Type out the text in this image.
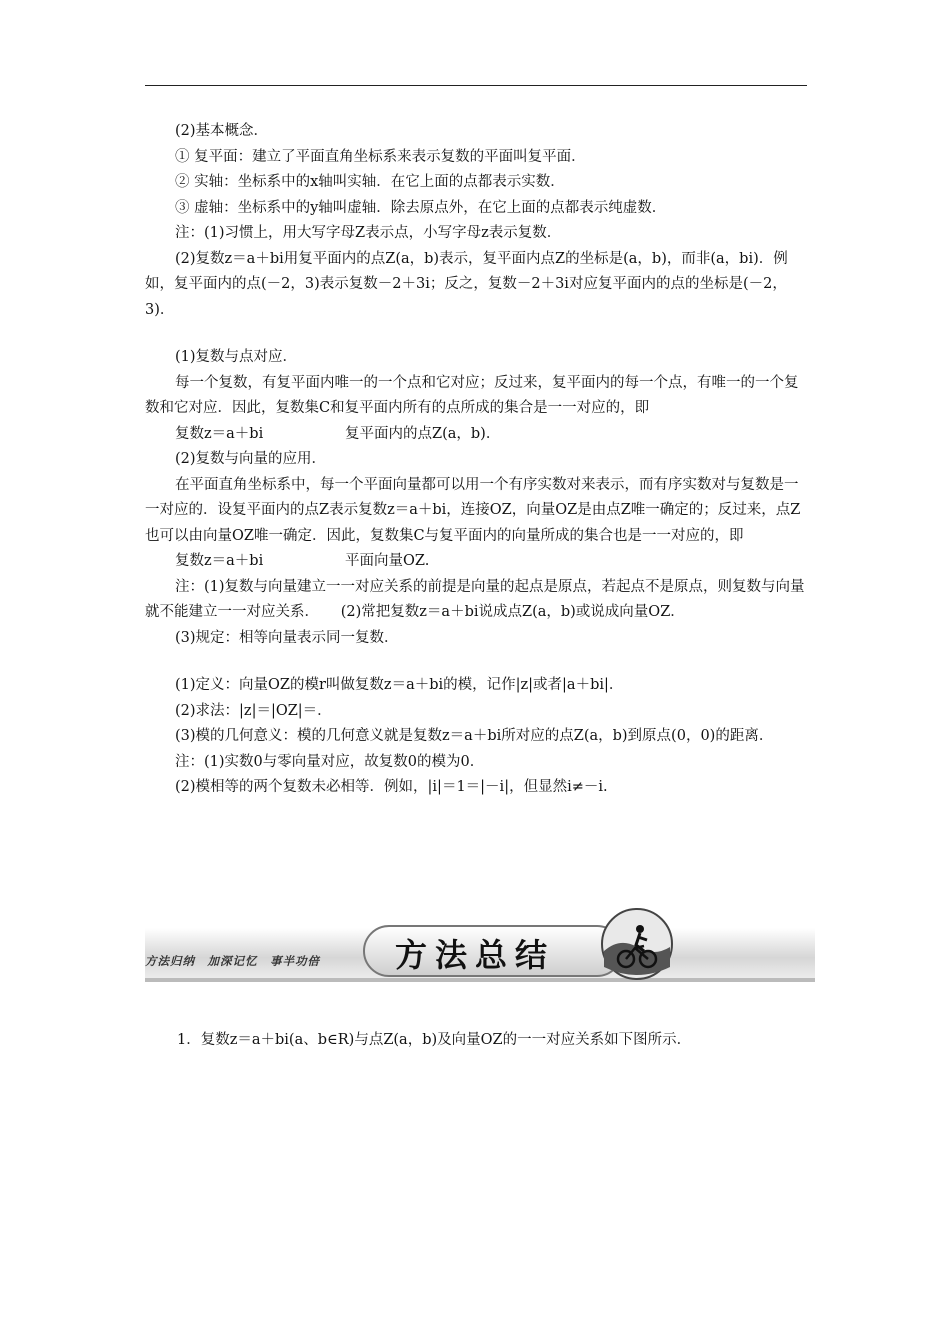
(2)基本概念．

① 复平面：建立了平面直角坐标系来表示复数的平面叫复平面．

② 实轴：坐标系中的x轴叫实轴．在它上面的点都表示实数．

③ 虚轴：坐标系中的y轴叫虚轴．除去原点外，在它上面的点都表示纯虚数．

注：(1)习惯上，用大写字母Z表示点，小写字母z表示复数．

(2)复数z＝a＋bi用复平面内的点Z(a，b)表示，复平面内点Z的坐标是(a，b)，而非(a，bi)．例如，复平面内的点(－2，3)表示复数－2＋3i；反之，复数－2＋3i对应复平面内的点的坐标是(－2，3)．

(1)复数与点对应．

每一个复数，有复平面内唯一的一个点和它对应；反过来，复平面内的每一个点，有唯一的一个复数和它对应．因此，复数集C和复平面内所有的点所成的集合是一一对应的，即

复数z＝a＋bi	复平面内的点Z(a，b)．

(2)复数与向量的应用．

在平面直角坐标系中，每一个平面向量都可以用一个有序实数对来表示，而有序实数对与复数是一一对应的．设复平面内的点Z表示复数z＝a＋bi，连接OZ，向量OZ是由点Z唯一确定的；反过来，点Z也可以由向量OZ唯一确定．因此，复数集C与复平面内的向量所成的集合也是一一对应的，即

复数z＝a＋bi	平面向量OZ.

注：(1)复数与向量建立一一对应关系的前提是向量的起点是原点，若起点不是原点，则复数与向量就不能建立一一对应关系．　　(2)常把复数z＝a＋bi说成点Z(a，b)或说成向量OZ．

(3)规定：相等向量表示同一复数．

(1)定义：向量OZ的模r叫做复数z＝a＋bi的模，记作|z|或者|a＋bi|．

(2)求法：|z|＝|OZ|＝．

(3)模的几何意义：模的几何意义就是复数z＝a＋bi所对应的点Z(a，b)到原点(0，0)的距离．

注：(1)实数0与零向量对应，故复数0的模为0．

(2)模相等的两个复数未必相等．例如，|i|＝1＝|－i|，但显然i≠－i.

方法归纳　加深记忆　事半功倍 方法总结

1．复数z＝a＋bi(a、b∈R)与点Z(a，b)及向量OZ的一一对应关系如下图所示．
